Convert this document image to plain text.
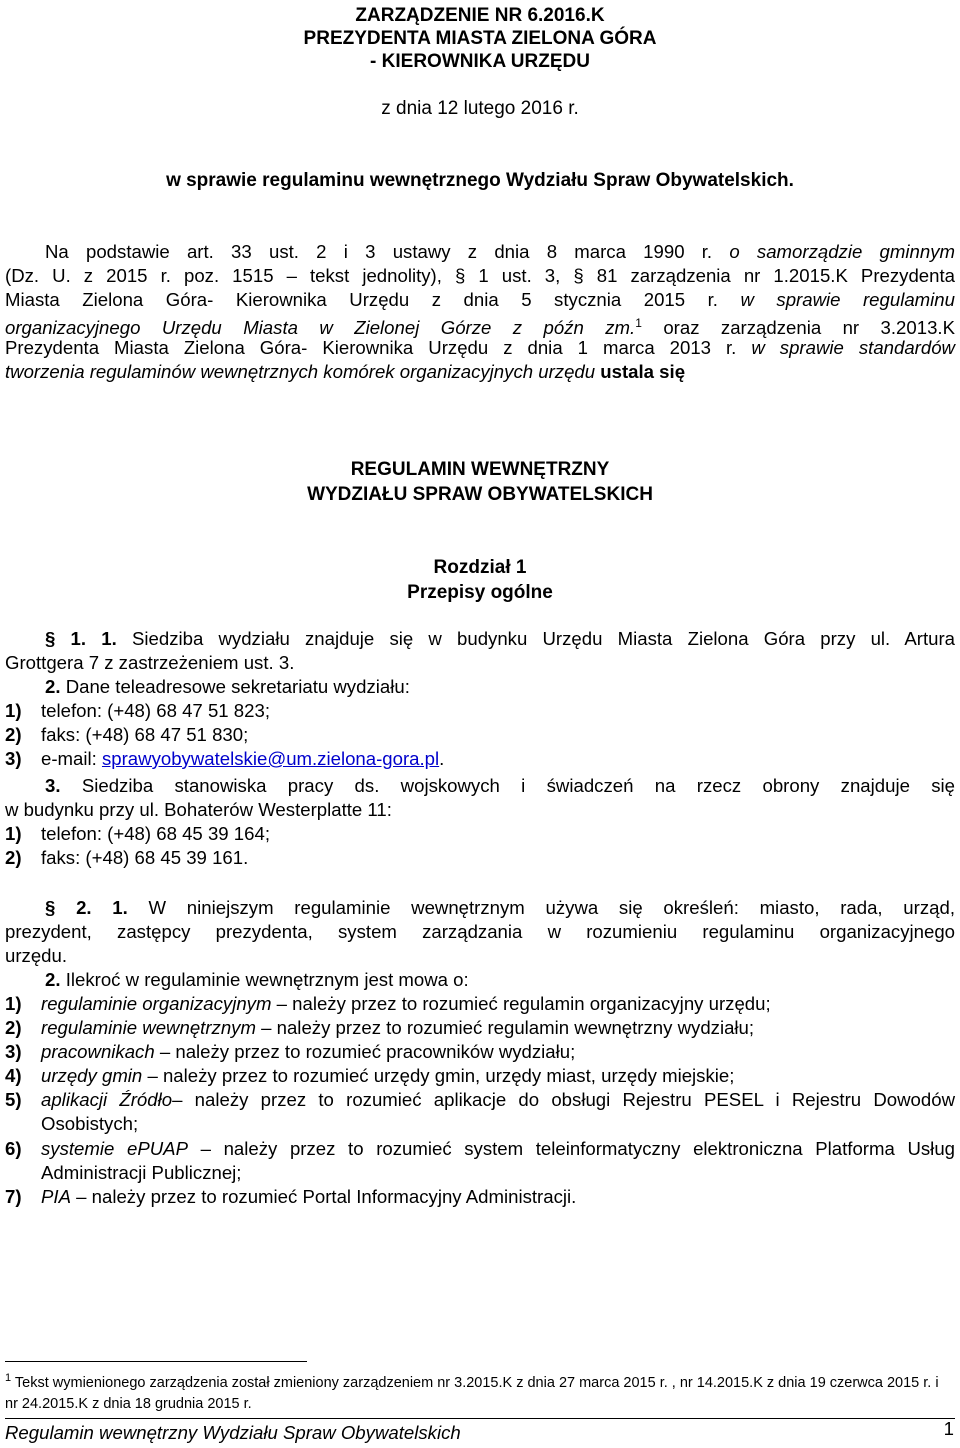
ZARZĄDZENIE NR 6.2016.K

PREZYDENTA MIASTA ZIELONA GÓRA

- KIEROWNIKA URZĘDU

z dnia 12 lutego 2016 r.

w sprawie regulaminu wewnętrznego Wydziału Spraw Obywatelskich.

Na podstawie art. 33 ust. 2 i 3 ustawy z dnia 8 marca 1990 r. o samorządzie gminnym

(Dz. U. z 2015 r. poz. 1515 – tekst jednolity), § 1 ust. 3, § 81 zarządzenia nr 1.2015.K Prezydenta

Miasta Zielona Góra- Kierownika Urzędu z dnia 5 stycznia 2015 r. w sprawie regulaminu

organizacyjnego Urzędu Miasta w Zielonej Górze z późn zm.$^1$ oraz zarządzenia nr 3.2013.K

Prezydenta Miasta Zielona Góra- Kierownika Urzędu z dnia 1 marca 2013 r. w sprawie standardów

tworzenia regulaminów wewnętrznych komórek organizacyjnych urzędu ustala się

REGULAMIN WEWNĘTRZNY

WYDZIAŁU SPRAW OBYWATELSKICH

Rozdział 1

Przepisy ogólne

§ 1. 1. Siedziba wydziału znajduje się w budynku Urzędu Miasta Zielona Góra przy ul. Artura

Grottgera 7 z zastrzeżeniem ust. 3.

2. Dane teleadresowe sekretariatu wydziału:

1) telefon: (+48) 68 47 51 823;
2) faks: (+48) 68 47 51 830;
3) e-mail: sprawyobywatelskie@um.zielona-gora.pl.

3. Siedziba stanowiska pracy ds. wojskowych i świadczeń na rzecz obrony znajduje się

w budynku przy ul. Bohaterów Westerplatte 11:

1) telefon: (+48) 68 45 39 164;
2) faks: (+48) 68 45 39 161.

§ 2. 1. W niniejszym regulaminie wewnętrznym używa się określeń: miasto, rada, urząd,

prezydent, zastępcy prezydenta, system zarządzania w rozumieniu regulaminu organizacyjnego

urzędu.

2. Ilekroć w regulaminie wewnętrznym jest mowa o:

1) regulaminie organizacyjnym – należy przez to rozumieć regulamin organizacyjny urzędu;
2) regulaminie wewnętrznym – należy przez to rozumieć regulamin wewnętrzny wydziału;
3) pracownikach – należy przez to rozumieć pracowników wydziału;
4) urzędy gmin – należy przez to rozumieć urzędy gmin, urzędy miast, urzędy miejskie;
5) aplikacji Źródło– należy przez to rozumieć aplikacje do obsługi Rejestru PESEL i Rejestru Dowodów Osobistych;
6) systemie ePUAP – należy przez to rozumieć system teleinformatyczny elektroniczna Platforma Usług Administracji Publicznej;
7) PIA – należy przez to rozumieć Portal Informacyjny Administracji.

$^1$ Tekst wymienionego zarządzenia został zmieniony zarządzeniem nr 3.2015.K z dnia 27 marca 2015 r. , nr 14.2015.K z dnia 19 czerwca 2015 r. i nr 24.2015.K z dnia 18 grudnia 2015 r.

Regulamin wewnętrzny Wydziału Spraw Obywatelskich	1
